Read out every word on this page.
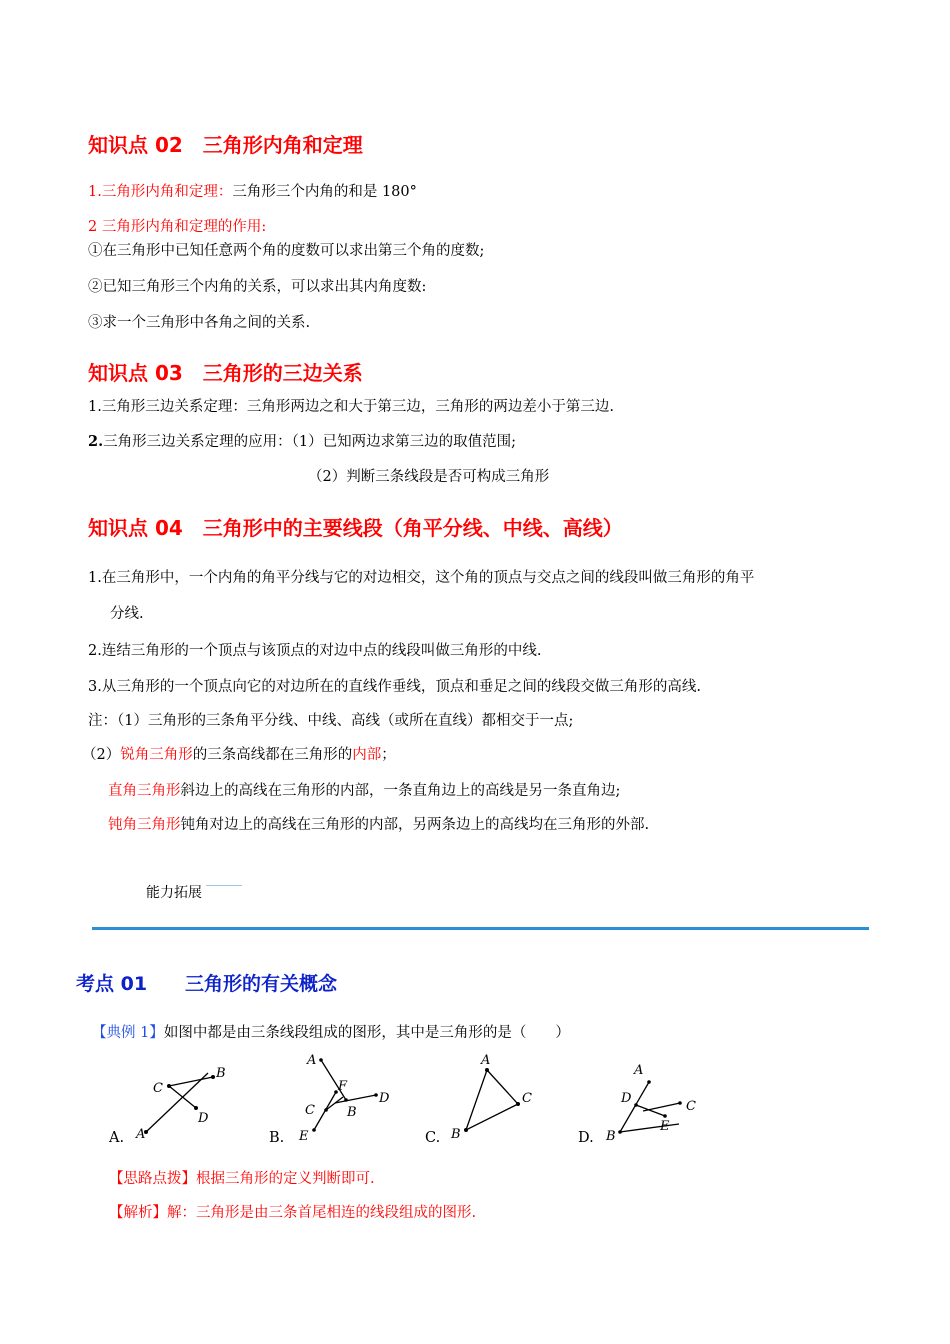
知识点 02　三角形内角和定理
1.三角形内角和定理：三角形三个内角的和是 180°
2 三角形内角和定理的作用:
①在三角形中已知任意两个角的度数可以求出第三个角的度数;
②已知三角形三个内角的关系，可以求出其内角度数:
③求一个三角形中各角之间的关系.
知识点 03　三角形的三边关系
1.三角形三边关系定理：三角形两边之和大于第三边，三角形的两边差小于第三边.
2.三角形三边关系定理的应用：（1）已知两边求第三边的取值范围;
（2）判断三条线段是否可构成三角形
知识点 04　三角形中的主要线段（角平分线、中线、高线）
1.在三角形中，一个内角的角平分线与它的对边相交，这个角的顶点与交点之间的线段叫做三角形的角平
分线.
2.连结三角形的一个顶点与该顶点的对边中点的线段叫做三角形的中线.
3.从三角形的一个顶点向它的对边所在的直线作垂线，顶点和垂足之间的线段交做三角形的高线.
注：（1）三角形的三条角平分线、中线、高线（或所在直线）都相交于一点;
（2）锐角三角形的三条高线都在三角形的内部；
直角三角形斜边上的高线在三角形的内部，一条直角边上的高线是另一条直角边;
钝角三角形钝角对边上的高线在三角形的内部，另两条边上的高线均在三角形的外部.
能力拓展
考点 01　　三角形的有关概念
【典例 1】如图中都是由三条线段组成的图形，其中是三角形的是（　　）
C
B
D
A
A
F
D
C B
E
A
C
B
A
D
C
E
B
A.	B.	C.	D.
【思路点拨】根据三角形的定义判断即可.
【解析】解：三角形是由三条首尾相连的线段组成的图形.
